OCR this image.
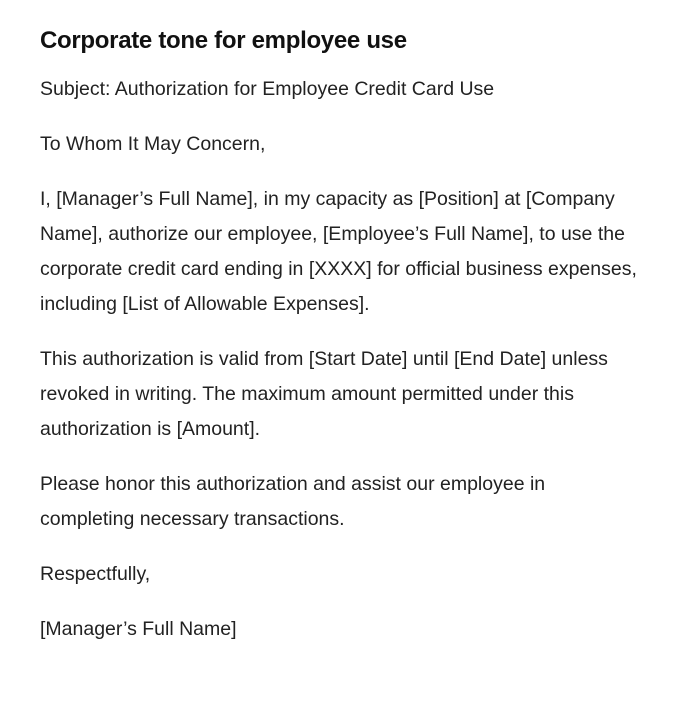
Corporate tone for employee use

Subject: Authorization for Employee Credit Card Use

To Whom It May Concern,

I, [Manager’s Full Name], in my capacity as [Position] at [Company Name], authorize our employee, [Employee’s Full Name], to use the corporate credit card ending in [XXXX] for official business expenses, including [List of Allowable Expenses].

This authorization is valid from [Start Date] until [End Date] unless revoked in writing. The maximum amount permitted under this authorization is [Amount].

Please honor this authorization and assist our employee in completing necessary transactions.

Respectfully,

[Manager’s Full Name]
